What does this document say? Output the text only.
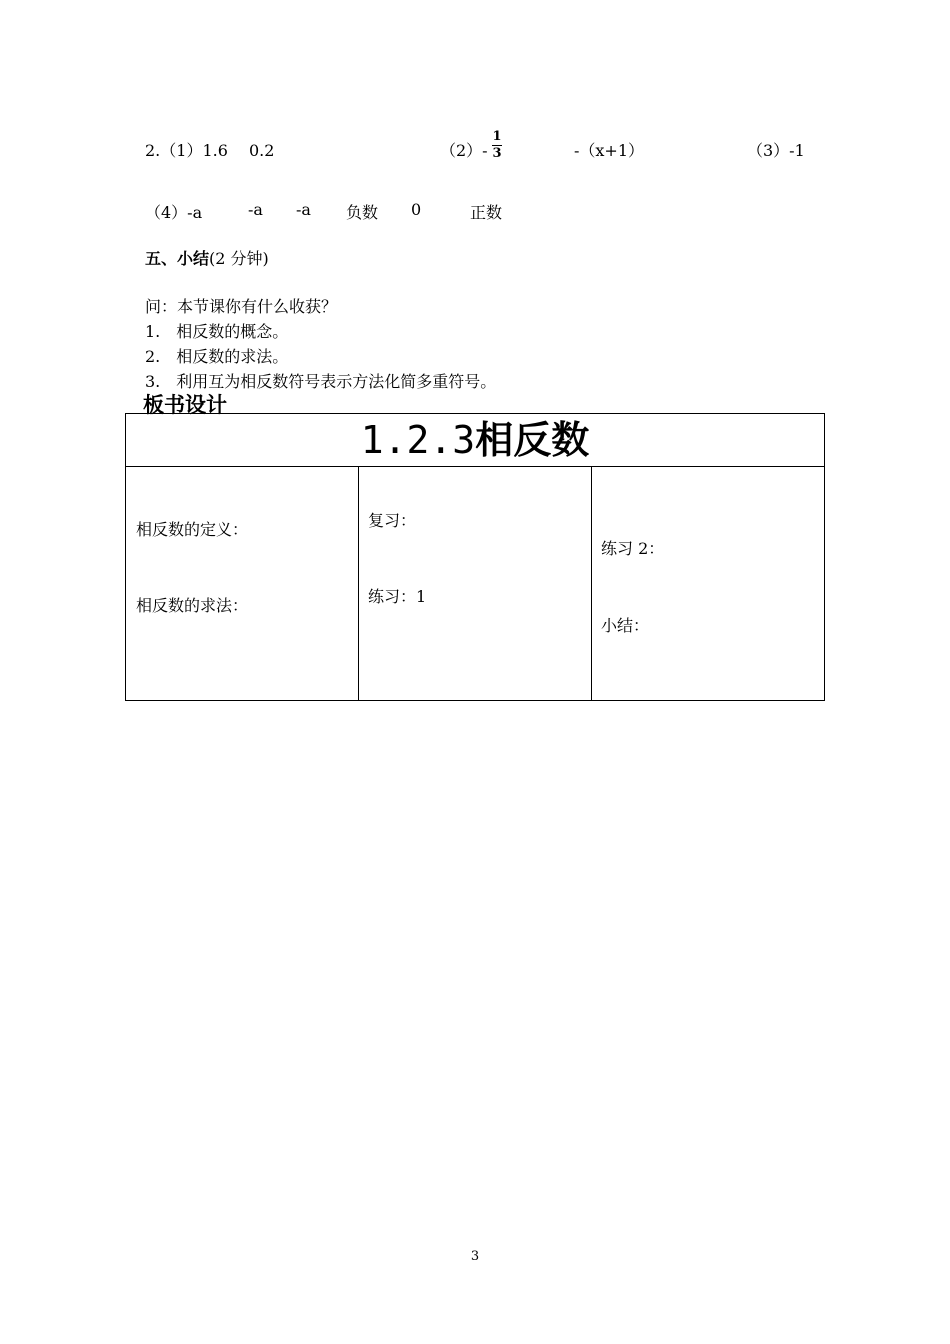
2.（1）1.6　 0.2	（2）-
1
3	-（x+1）	（3）-1
（4）-a	-a -a 负数 0	正数
五、小结(2 分钟)
问：本节课你有什么收获？
1.　相反数的概念。
2.　相反数的求法。
3.　利用互为相反数符号表示方法化简多重符号。
板书设计
1.2.3相反数

相反数的定义：
相反数的求法：

复习：
练习：1

练习 2：
小结：
3
